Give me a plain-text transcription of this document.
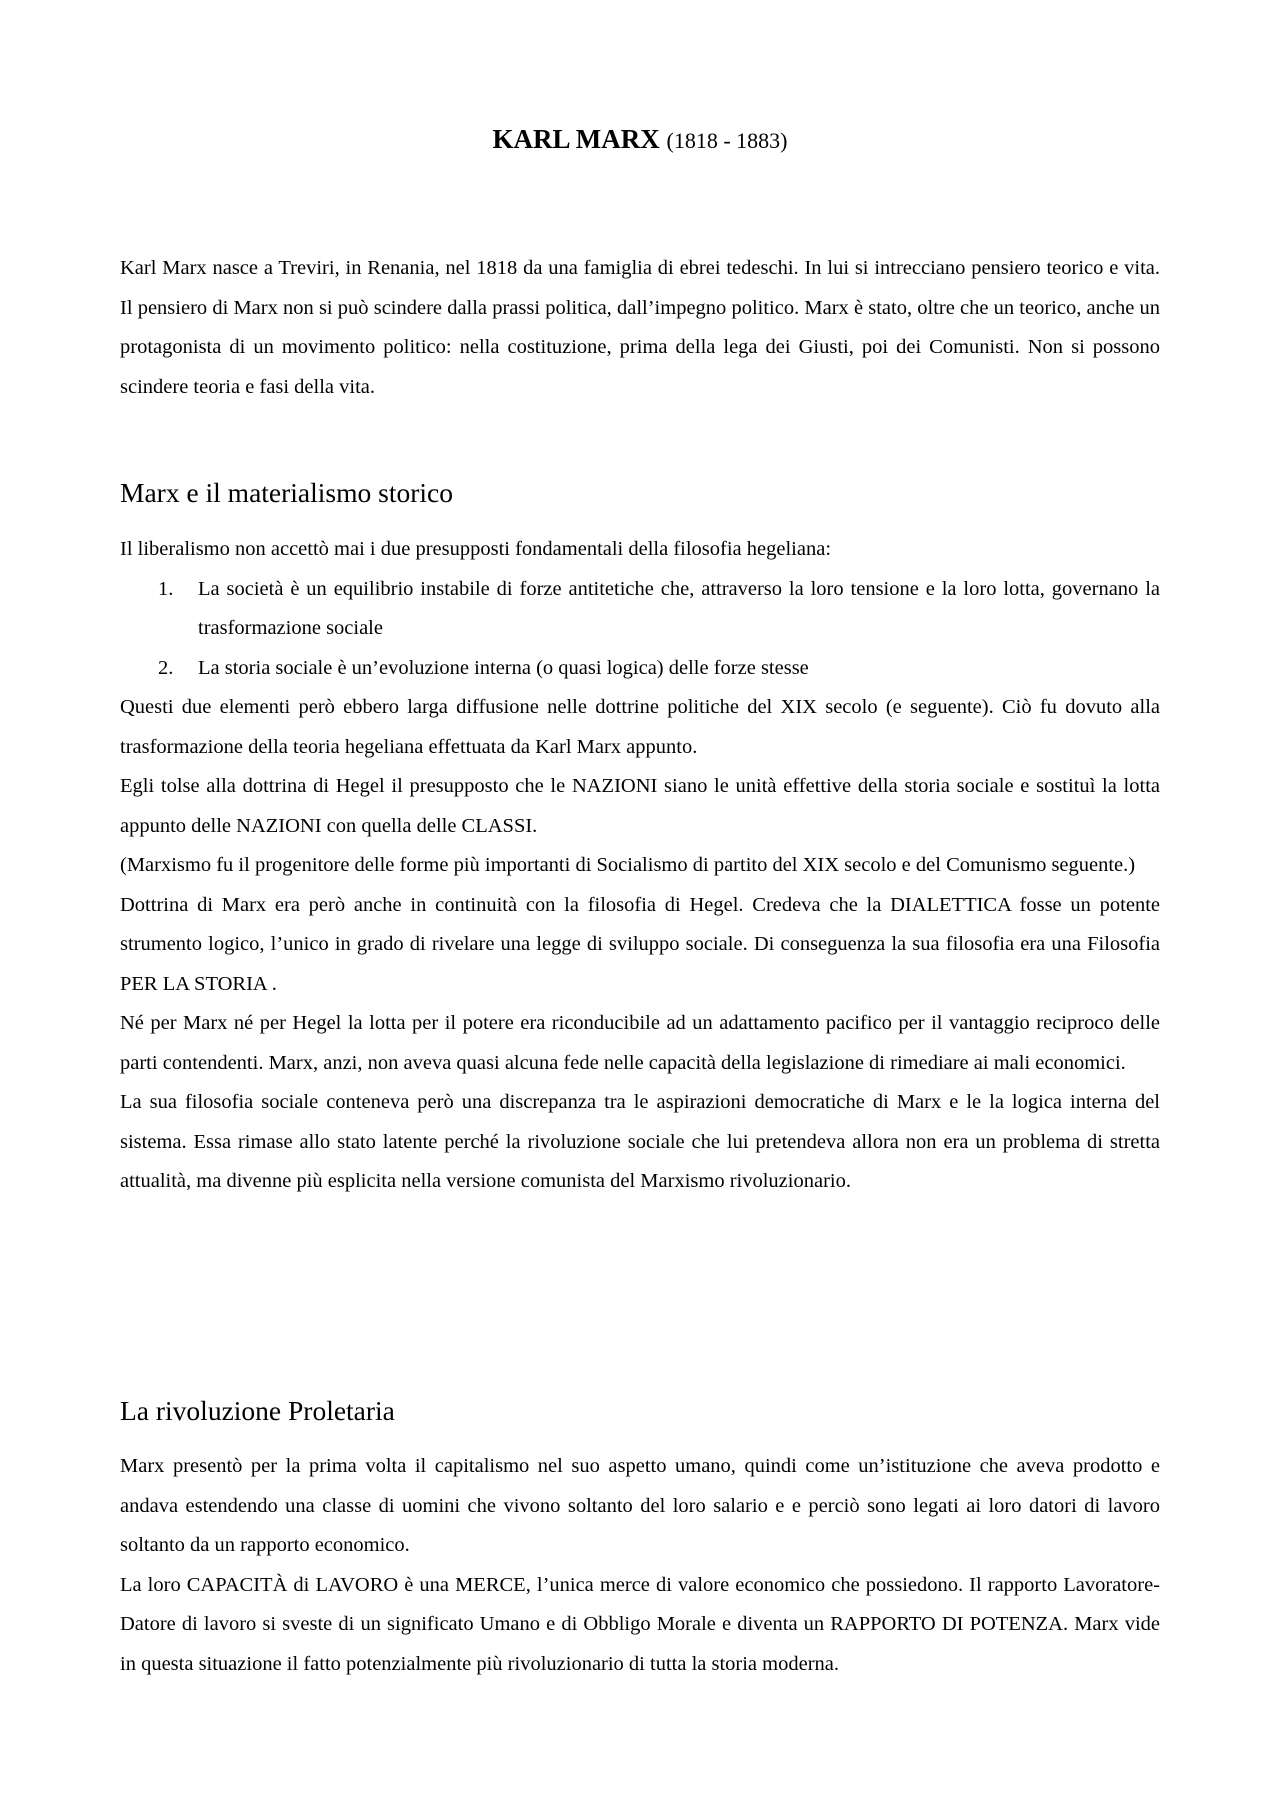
KARL MARX (1818 - 1883)

Karl Marx nasce a Treviri, in Renania, nel 1818 da una famiglia di ebrei tedeschi. In lui si intrecciano pensiero teorico e vita. Il pensiero di Marx non si può scindere dalla prassi politica, dall’impegno politico. Marx è stato, oltre che un teorico, anche un protagonista di un movimento politico: nella costituzione, prima della lega dei Giusti, poi dei Comunisti. Non si possono scindere teoria e fasi della vita.

Marx e il materialismo storico

Il liberalismo non accettò mai i due presupposti fondamentali della filosofia hegeliana:

1. La società è un equilibrio instabile di forze antitetiche che, attraverso la loro tensione e la loro lotta, governano la trasformazione sociale
2. La storia sociale è un’evoluzione interna (o quasi logica) delle forze stesse

Questi due elementi però ebbero larga diffusione nelle dottrine politiche del XIX secolo (e seguente). Ciò fu dovuto alla trasformazione della teoria hegeliana effettuata da Karl Marx appunto.

Egli tolse alla dottrina di Hegel il presupposto che le NAZIONI siano le unità effettive della storia sociale e sostituì la lotta appunto delle NAZIONI con quella delle CLASSI.

(Marxismo fu il progenitore delle forme più importanti di Socialismo di partito del XIX secolo e del Comunismo seguente.)

Dottrina di Marx era però anche in continuità con la filosofia di Hegel. Credeva che la DIALETTICA fosse un potente strumento logico, l’unico in grado di rivelare una legge di sviluppo sociale. Di conseguenza la sua filosofia era una Filosofia PER LA STORIA .

Né per Marx né per Hegel la lotta per il potere era riconducibile ad un adattamento pacifico per il vantaggio reciproco delle parti contendenti. Marx, anzi, non aveva quasi alcuna fede nelle capacità della legislazione di rimediare ai mali economici.

La sua filosofia sociale conteneva però una discrepanza tra le aspirazioni democratiche di Marx e le la logica interna del sistema. Essa rimase allo stato latente perché la rivoluzione sociale che lui pretendeva allora non era un problema di stretta attualità, ma divenne più esplicita nella versione comunista del Marxismo rivoluzionario.

La rivoluzione Proletaria

Marx presentò per la prima volta il capitalismo nel suo aspetto umano, quindi come un’istituzione che aveva prodotto e andava estendendo una classe di uomini che vivono soltanto del loro salario e e perciò sono legati ai loro datori di lavoro soltanto da un rapporto economico.

La loro CAPACITÀ di LAVORO è una MERCE, l’unica merce di valore economico che possiedono. Il rapporto Lavoratore-Datore di lavoro si sveste di un significato Umano e di Obbligo Morale e diventa un RAPPORTO DI POTENZA. Marx vide in questa situazione il fatto potenzialmente più rivoluzionario di tutta la storia moderna.
